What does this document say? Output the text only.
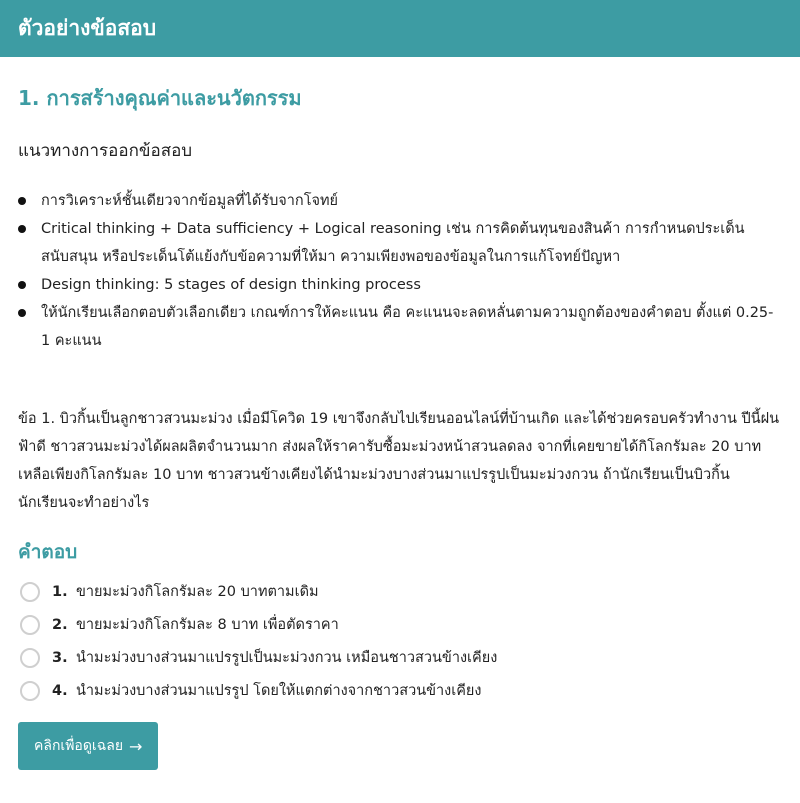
ตัวอย่างข้อสอบ
1. การสร้างคุณค่าและนวัตกรรม
แนวทางการออกข้อสอบ
การวิเคราะห์ชั้นเดียวจากข้อมูลที่ได้รับจากโจทย์
Critical thinking + Data sufficiency + Logical reasoning เช่น การคิดต้นทุนของสินค้า การกำหนดประเด็นสนับสนุน หรือประเด็นโต้แย้งกับข้อความที่ให้มา ความเพียงพอของข้อมูลในการแก้โจทย์ปัญหา
Design thinking: 5 stages of design thinking process
ให้นักเรียนเลือกตอบตัวเลือกเดียว เกณฑ์การให้คะแนน คือ คะแนนจะลดหลั่นตามความถูกต้องของคำตอบ ตั้งแต่ 0.25-1 คะแนน
ข้อ 1. บิวกิ้นเป็นลูกชาวสวนมะม่วง เมื่อมีโควิด 19 เขาจึงกลับไปเรียนออนไลน์ที่บ้านเกิด และได้ช่วยครอบครัวทำงาน ปีนี้ฝนฟ้าดี ชาวสวนมะม่วงได้ผลผลิตจำนวนมาก ส่งผลให้ราคารับซื้อมะม่วงหน้าสวนลดลง จากที่เคยขายได้กิโลกรัมละ 20 บาท เหลือเพียงกิโลกรัมละ 10 บาท ชาวสวนข้างเคียงได้นำมะม่วงบางส่วนมาแปรรูปเป็นมะม่วงกวน ถ้านักเรียนเป็นบิวกิ้น นักเรียนจะทำอย่างไร
คำตอบ
1. ขายมะม่วงกิโลกรัมละ 20 บาทตามเดิม
2. ขายมะม่วงกิโลกรัมละ 8 บาท เพื่อตัดราคา
3. นำมะม่วงบางส่วนมาแปรรูปเป็นมะม่วงกวน เหมือนชาวสวนข้างเคียง
4. นำมะม่วงบางส่วนมาแปรรูป โดยให้แตกต่างจากชาวสวนข้างเคียง
คลิกเพื่อดูเฉลย →
